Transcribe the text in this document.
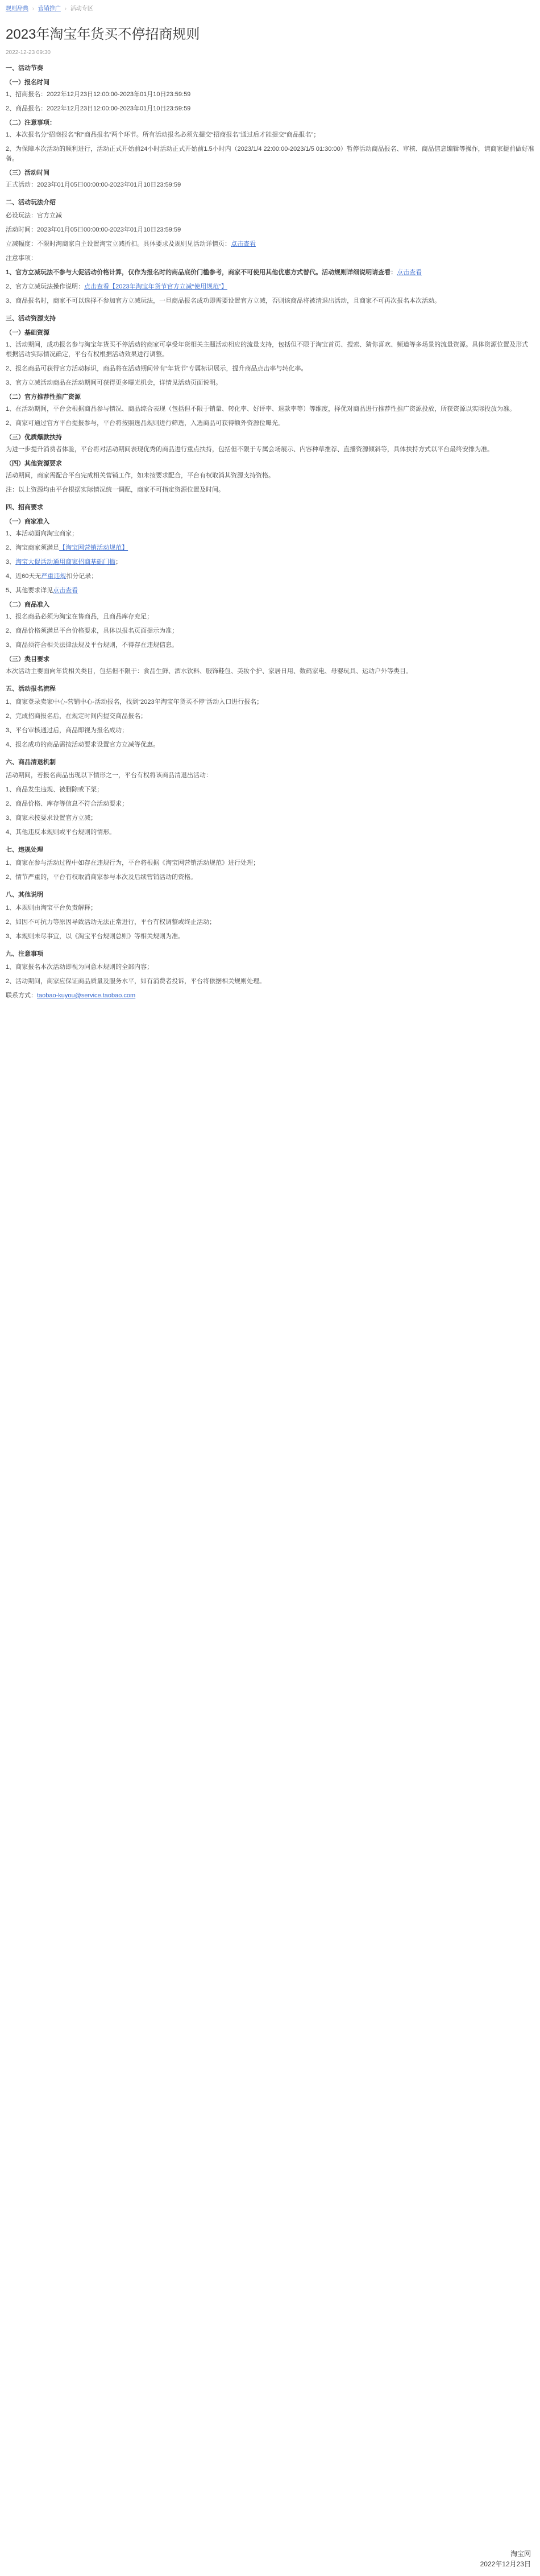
规则辞典 › 营销推广 › 活动专区
2023年淘宝年货买不停招商规则
2022-12-23 09:30

一、活动节奏

（一）报名时间

1、招商报名：2022年12月23日12:00:00-2023年01月10日23:59:59

2、商品报名：2022年12月23日12:00:00-2023年01月10日23:59:59

（二）注意事项：

1、本次报名分“招商报名”和“商品报名”两个环节。所有活动报名必须先提交“招商报名”通过后才能提交“商品报名”；

2、为保障本次活动的顺利进行，活动正式开始前24小时活动正式开始前1.5小时内（2023/1/4 22:00:00-2023/1/5 01:30:00）暂停活动商品报名、审核、商品信息编辑等操作，请商家提前做好准备。

（三）活动时间

正式活动：2023年01月05日00:00:00-2023年01月10日23:59:59

二、活动玩法介绍

必设玩法：官方立减

活动时间：2023年01月05日00:00:00-2023年01月10日23:59:59

立减幅度：不限时淘商家自主设置淘宝立减折扣。具体要求及规则见活动详情页：点击查看

注意事项：

1、官方立减玩法不参与大促活动价格计算，仅作为报名时的商品底价门槛参考，商家不可使用其他优惠方式替代。活动规则详细说明请查看：点击查看

2、官方立减玩法操作说明：点击查看【2023年淘宝年货节官方立减“使用规范”】

3、商品报名时，商家不可以选择不参加官方立减玩法，一旦商品报名成功即需要设置官方立减，否则该商品将被清退出活动，且商家不可再次报名本次活动。

三、活动资源支持

（一）基础资源

1、活动期间，成功报名参与淘宝年货买不停活动的商家可享受年货相关主题活动相应的流量支持，包括但不限于淘宝首页、搜索、猜你喜欢、频道等多场景的流量资源。具体资源位置及形式根据活动实际情况确定，平台有权根据活动效果进行调整。

2、报名商品可获得官方活动标识，商品将在活动期间带有“年货节”专属标识展示，提升商品点击率与转化率。

3、官方立减活动商品在活动期间可获得更多曝光机会，详情见活动页面说明。

（二）官方推荐性推广资源

1、在活动期间，平台会根据商品参与情况、商品综合表现（包括但不限于销量、转化率、好评率、退款率等）等维度，择优对商品进行推荐性推广资源投放，所获资源以实际投放为准。

2、商家可通过官方平台提报参与，平台将按照选品规则进行筛选，入选商品可获得额外资源位曝光。

（三）优质爆款扶持

为进一步提升消费者体验，平台将对活动期间表现优秀的商品进行重点扶持，包括但不限于专属会场展示、内容种草推荐、直播资源倾斜等，具体扶持方式以平台最终安排为准。

（四）其他资源要求

活动期间，商家需配合平台完成相关营销工作，如未按要求配合，平台有权取消其资源支持资格。

注：以上资源均由平台根据实际情况统一调配，商家不可指定资源位置及时间。

四、招商要求

（一）商家准入

1、本活动面向淘宝商家；

2、淘宝商家须满足【淘宝网营销活动规范】

3、淘宝大促活动通用商家招商基础门槛；

4、近60天无严重违规扣分记录；

5、其他要求详见点击查看

（二）商品准入

1、报名商品必须为淘宝在售商品，且商品库存充足；

2、商品价格须满足平台价格要求，具体以报名页面提示为准；

3、商品须符合相关法律法规及平台规则，不得存在违规信息。

（三）类目要求

本次活动主要面向年货相关类目，包括但不限于：食品生鲜、酒水饮料、服饰鞋包、美妆个护、家居日用、数码家电、母婴玩具、运动户外等类目。

五、活动报名流程

1、商家登录卖家中心-营销中心-活动报名，找到“2023年淘宝年货买不停”活动入口进行报名；

2、完成招商报名后，在规定时间内提交商品报名；

3、平台审核通过后，商品即视为报名成功；

4、报名成功的商品需按活动要求设置官方立减等优惠。

六、商品清退机制

活动期间，若报名商品出现以下情形之一，平台有权将该商品清退出活动：

1、商品发生违规、被删除或下架；

2、商品价格、库存等信息不符合活动要求；

3、商家未按要求设置官方立减；

4、其他违反本规则或平台规则的情形。

七、违规处理

1、商家在参与活动过程中如存在违规行为，平台将根据《淘宝网营销活动规范》进行处理；

2、情节严重的，平台有权取消商家参与本次及后续营销活动的资格。

八、其他说明

1、本规则由淘宝平台负责解释；

2、如因不可抗力等原因导致活动无法正常进行，平台有权调整或终止活动；

3、本规则未尽事宜，以《淘宝平台规则总则》等相关规则为准。

九、注意事项

1、商家报名本次活动即视为同意本规则的全部内容；

2、活动期间，商家应保证商品质量及服务水平，如有消费者投诉，平台将依据相关规则处理。

联系方式：taobao-kuyou@service.taobao.com

淘宝网
2022年12月23日
